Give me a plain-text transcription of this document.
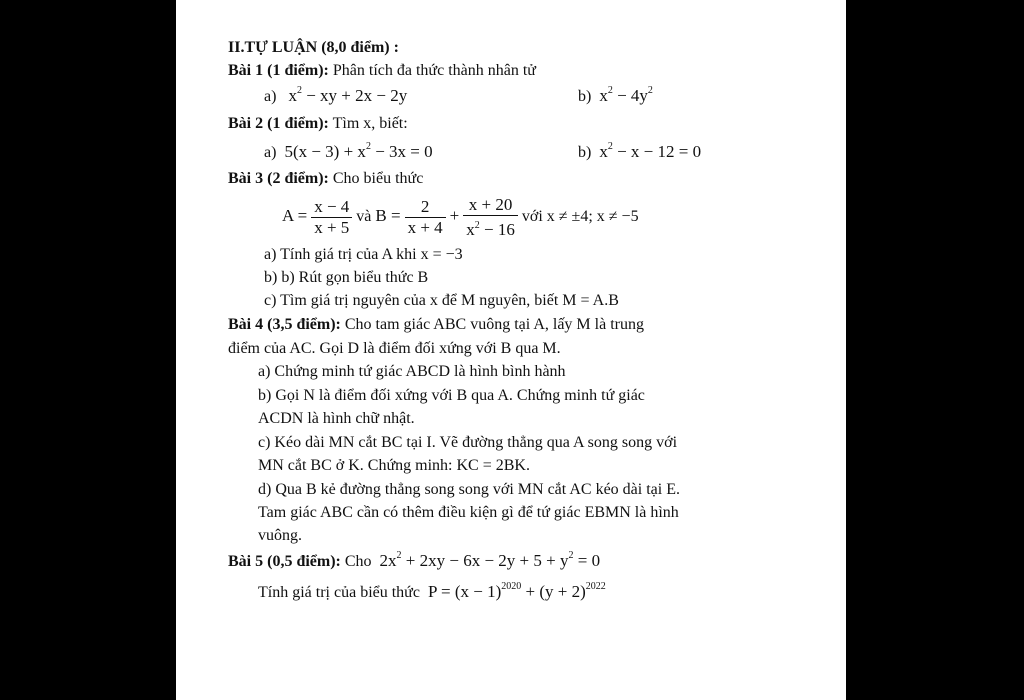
II.TỰ LUẬN (8,0 điểm) :
Bài 1 (1 điểm): Phân tích đa thức thành nhân tử
a) $x^2$ − xy + 2x − 2y	b) $x^2 - 4y^2$
Bài 2 (1 điểm): Tìm x, biết:
a) $5(x - 3) + x^2 - 3x = 0$	b) $x^2 - x - 12 = 0$
Bài 3 (2 điểm): Cho biểu thức
$A = \frac{x - 4}{x + 5}$ và $B = \frac{2}{x + 4} + \frac{x + 20}{x^2 - 16}$ với x ≠ ±4; x ≠ −5
a) Tính giá trị của A khi x = −3
b) b) Rút gọn biểu thức B
c) Tìm giá trị nguyên của x để M nguyên, biết M = A.B
Bài 4 (3,5 điểm): Cho tam giác ABC vuông tại A, lấy M là trung
điểm của AC. Gọi D là điểm đối xứng với B qua M.
a) Chứng minh tứ giác ABCD là hình bình hành
b) Gọi N là điểm đối xứng với B qua A. Chứng minh tứ giác
ACDN là hình chữ nhật.
c) Kéo dài MN cắt BC tại I. Vẽ đường thẳng qua A song song với
MN cắt BC ở K. Chứng minh: KC = 2BK.
d) Qua B kẻ đường thẳng song song với MN cắt AC kéo dài tại E.
Tam giác ABC cần có thêm điều kiện gì để tứ giác EBMN là hình
vuông.
Bài 5 (0,5 điểm): Cho $2x^2 + 2xy - 6x - 2y + 5 + y^2 = 0$
Tính giá trị của biểu thức $P = (x - 1)^{2020} + (y + 2)^{2022}$
